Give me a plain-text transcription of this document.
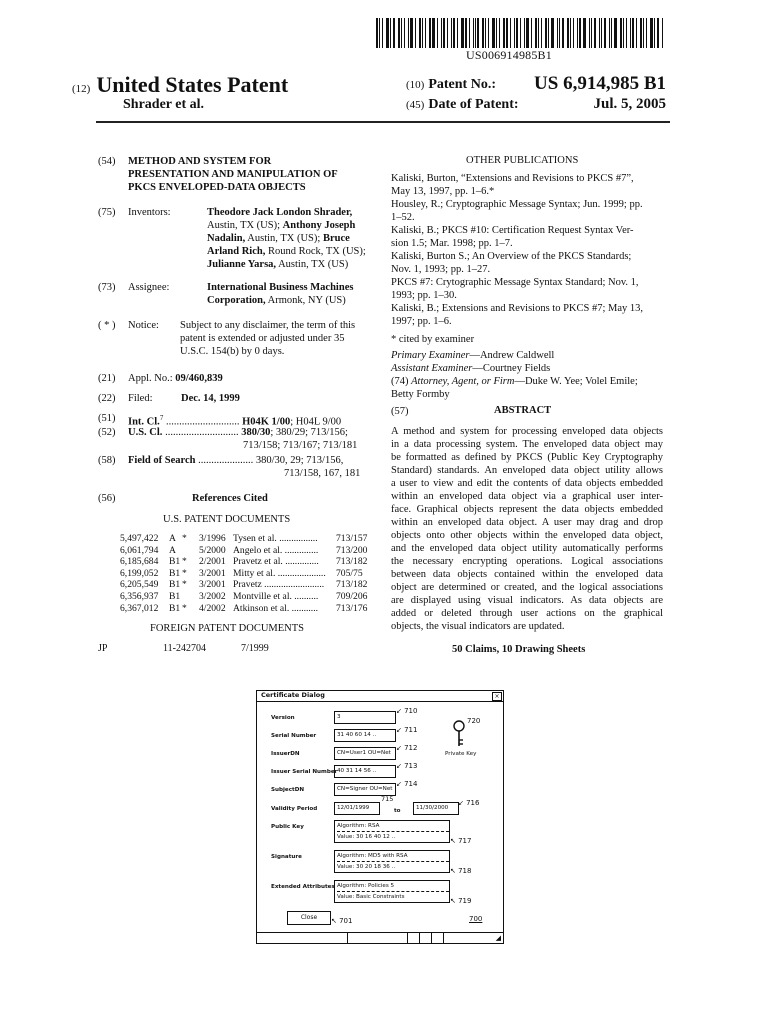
US006914985B1
(12) United States Patent
Shrader et al.
(10) Patent No.:	US 6,914,985 B1
(45) Date of Patent:	Jul. 5, 2005
(54) METHOD AND SYSTEM FOR
PRESENTATION AND MANIPULATION OF
PKCS ENVELOPED-DATA OBJECTS
(75) Inventors:	Theodore Jack London Shrader,
Austin, TX (US); Anthony Joseph
Nadalin, Austin, TX (US); Bruce
Arland Rich, Round Rock, TX (US);
Julianne Yarsa, Austin, TX (US)
(73) Assignee:	International Business Machines
Corporation, Armonk, NY (US)
( * ) Notice: Subject to any disclaimer, the term of this
patent is extended or adjusted under 35
U.S.C. 154(b) by 0 days.
(21) Appl. No.: 09/460,839
(22) Filed:	Dec. 14, 1999
(51) Int. Cl.$^7$ ............................ H04K 1/00; H04L 9/00
(52) U.S. Cl. ............................ 380/30; 380/29; 713/156;
713/158; 713/167; 713/181
(58) Field of Search ..................... 380/30, 29; 713/156,
713/158, 167, 181
(56)	References Cited
U.S. PATENT DOCUMENTS
5,497,422 A * 3/1996 Tysen et al. ................ 713/157
6,061,794 A 5/2000 Angelo et al. .............. 713/200
6,185,684 B1 * 2/2001 Pravetz et al. .............. 713/182
6,199,052 B1 * 3/2001 Mitty et al. .................... 705/75
6,205,549 B1 * 3/2001 Pravetz ......................... 713/182
6,356,937 B1 3/2002 Montville et al. .......... 709/206
6,367,012 B1 * 4/2002 Atkinson et al. ........... 713/176
FOREIGN PATENT DOCUMENTS
JP	11-242704	7/1999
OTHER PUBLICATIONS
Kaliski, Burton, “Extensions and Revisions to PKCS #7”,
May 13, 1997, pp. 1–6.*
Housley, R.; Cryptographic Message Syntax; Jun. 1999; pp.
1–52.
Kaliski, B.; PKCS #10: Certification Request Syntax Ver-
sion 1.5; Mar. 1998; pp. 1–7.
Kaliski, Burton S.; An Overview of the PKCS Standards;
Nov. 1, 1993; pp. 1–27.
PKCS #7: Crytographic Message Syntax Standard; Nov. 1,
1993; pp. 1–30.
Kaliski, B.; Extensions and Revisions to PKCS #7; May 13,
1997; pp. 1–6.
* cited by examiner
Primary Examiner—Andrew Caldwell
Assistant Examiner—Courtney Fields
(74) Attorney, Agent, or Firm—Duke W. Yee; Volel Emile;
Betty Formby
(57)	ABSTRACT
A method and system for processing enveloped data objects
in a data processing system. The enveloped data object may
be formatted as defined by PKCS (Public Key Cryptography
Standard) standards. An enveloped data object utility allows
a user to view and edit the contents of data objects embedded
within an enveloped data object via a graphical user inter-
face. Graphical objects represent the data objects embedded
within an enveloped data object. A user may drag and drop
objects onto other objects within the enveloped data object,
and the enveloped data object utility automatically performs
the necessary encrypting operations. Logical associations
between data objects contained within the enveloped data
object are determined or created, and the logical associations
are displayed using visual indicators. As data objects are
added or deleted through user actions on the graphical
objects, the visual indicators are updated.
50 Claims, 10 Drawing Sheets
Certificate Dialog	×
Version	3
↙ 710
Serial Number	31 40 60 14 ..
↙ 711
IssuerDN	CN=User1 OU=Net
↙ 712
Issuer Serial Number 40 31 14 56 ..
↙ 713
SubjectDN	CN=Signer OU=Net
↙ 714
Validity Period	12/01/1999
715
to	11/30/2000
↙ 716
Public Key	Algorithm: RSA
Value: 30 16 40 12 ..	↖ 717
Signature	Algorithm: MD5 with RSA
Value: 30 20 18 36 ..	↖ 718
Extended Attributes Algorithm: Policies 5
Value: Basic Constraints	↖ 719
720
Private Key
Close	↖ 701	700
◢
